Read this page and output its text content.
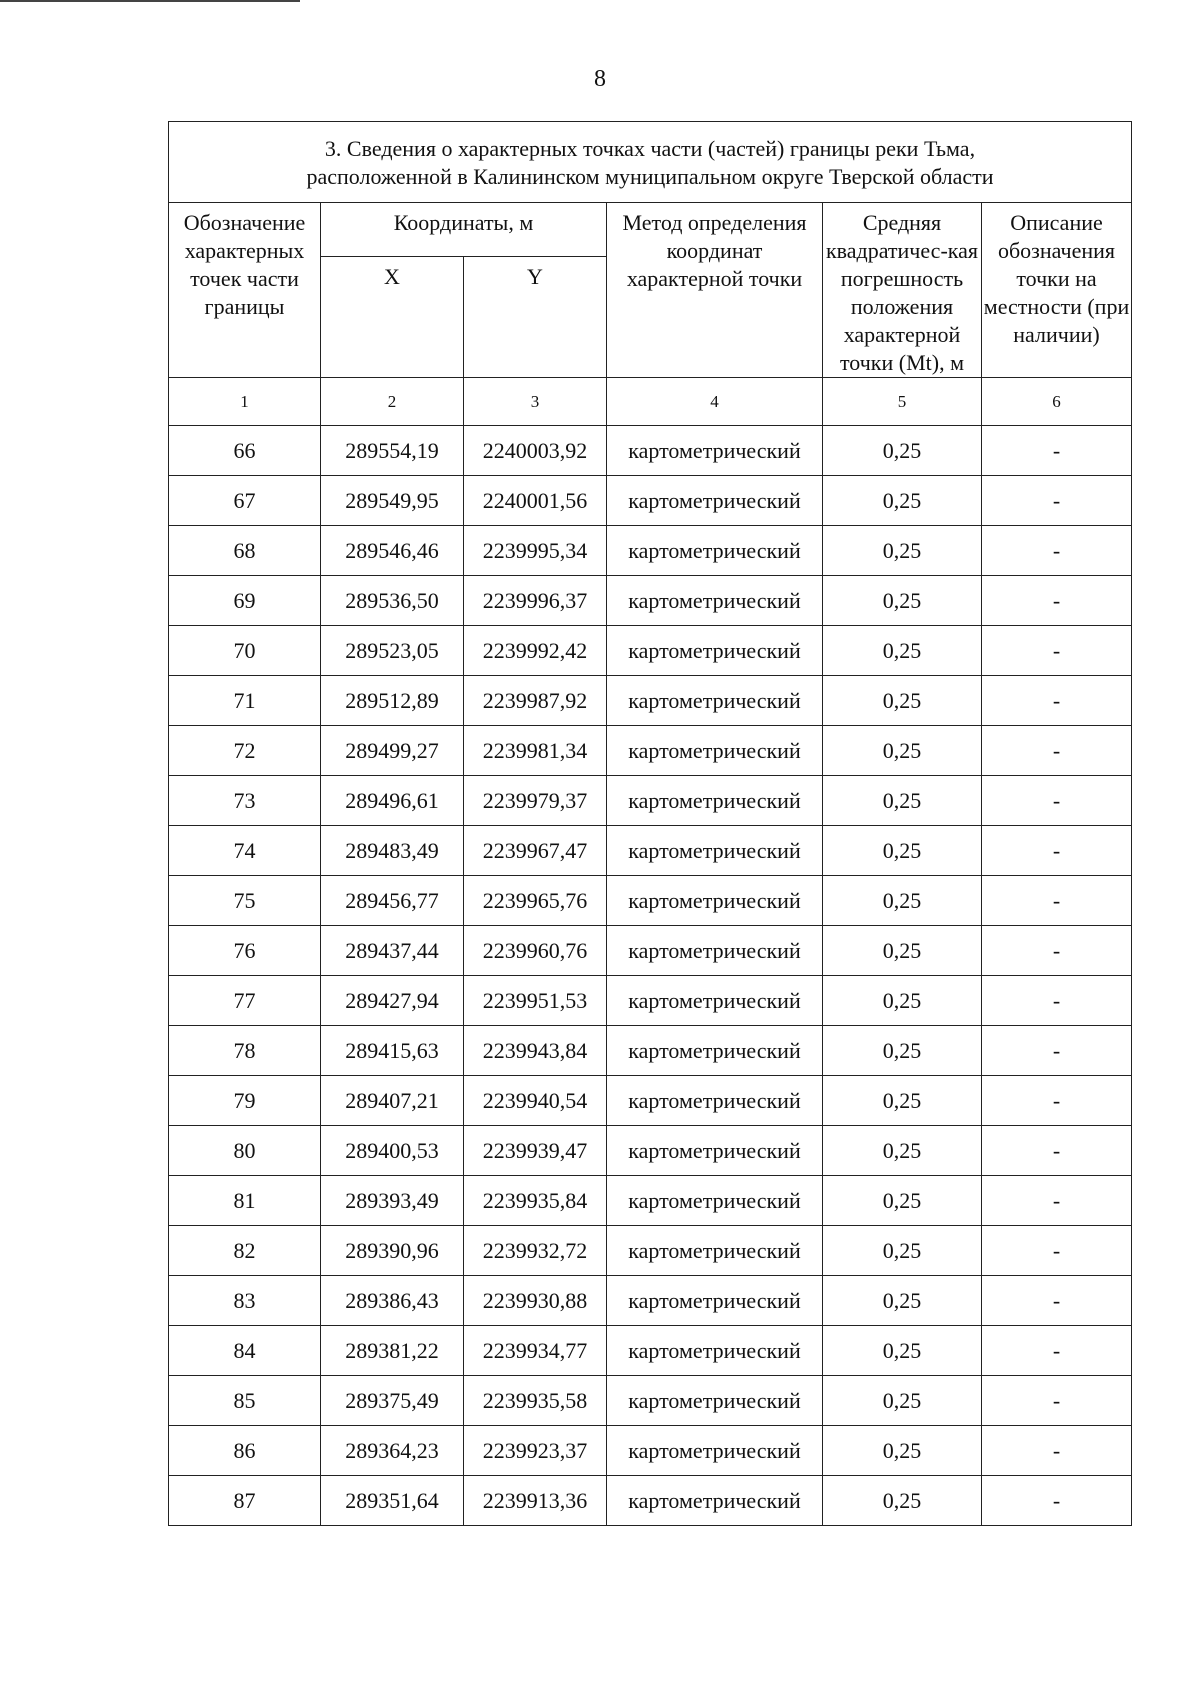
8
3. Сведения о характерных точках части (частей) границы реки Тьма,
расположенной в Калининском муниципальном округе Тверской области					

Обозначение характерных точек части границы	Координаты, м		Метод определения координат характерной точки	Средняя квадратичес-кая погрешность положения характерной точки (Mt), м	Описание обозначения точки на местности (при наличии)
	X	Y			
1	2	3	4	5	6
66	289554,19	2240003,92	картометрический	0,25	-
67	289549,95	2240001,56	картометрический	0,25	-
68	289546,46	2239995,34	картометрический	0,25	-
69	289536,50	2239996,37	картометрический	0,25	-
70	289523,05	2239992,42	картометрический	0,25	-
71	289512,89	2239987,92	картометрический	0,25	-
72	289499,27	2239981,34	картометрический	0,25	-
73	289496,61	2239979,37	картометрический	0,25	-
74	289483,49	2239967,47	картометрический	0,25	-
75	289456,77	2239965,76	картометрический	0,25	-
76	289437,44	2239960,76	картометрический	0,25	-
77	289427,94	2239951,53	картометрический	0,25	-
78	289415,63	2239943,84	картометрический	0,25	-
79	289407,21	2239940,54	картометрический	0,25	-
80	289400,53	2239939,47	картометрический	0,25	-
81	289393,49	2239935,84	картометрический	0,25	-
82	289390,96	2239932,72	картометрический	0,25	-
83	289386,43	2239930,88	картометрический	0,25	-
84	289381,22	2239934,77	картометрический	0,25	-
85	289375,49	2239935,58	картометрический	0,25	-
86	289364,23	2239923,37	картометрический	0,25	-
87	289351,64	2239913,36	картометрический	0,25	-
